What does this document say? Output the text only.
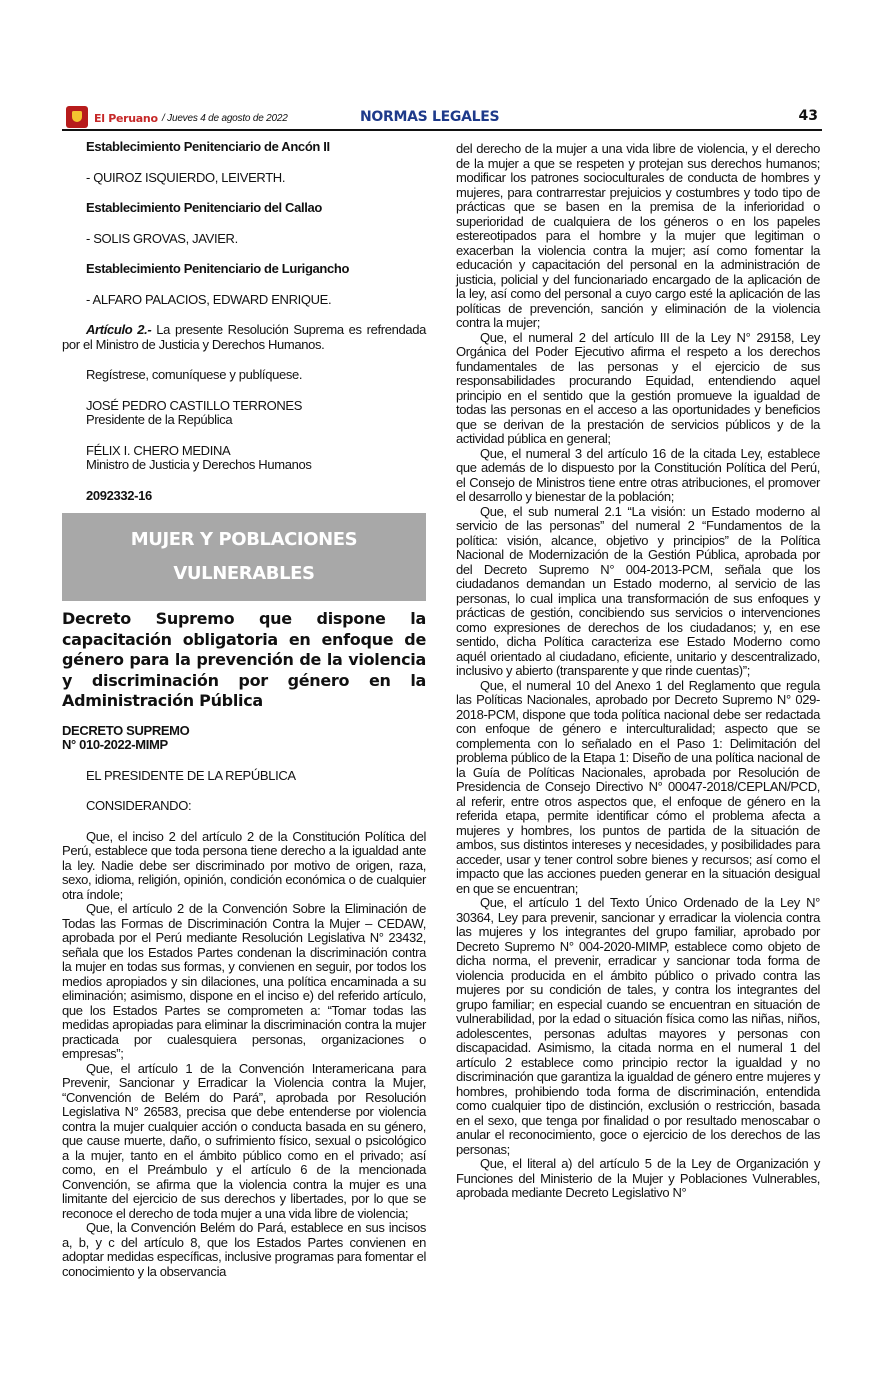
El Peruano / Jueves 4 de agosto de 2022	NORMAS LEGALES	43

Establecimiento Penitenciario de Ancón II

- QUIROZ ISQUIERDO, LEIVERTH.

Establecimiento Penitenciario del Callao

- SOLIS GROVAS, JAVIER.

Establecimiento Penitenciario de Lurigancho

- ALFARO PALACIOS, EDWARD ENRIQUE.

Artículo 2.- La presente Resolución Suprema es refrendada por el Ministro de Justicia y Derechos Humanos.

Regístrese, comuníquese y publíquese.

JOSÉ PEDRO CASTILLO TERRONES

Presidente de la República

FÉLIX I. CHERO MEDINA

Ministro de Justicia y Derechos Humanos

2092332-16

MUJER Y POBLACIONES
VULNERABLES

Decreto Supremo que dispone la capacitación obligatoria en enfoque de género para la prevención de la violencia y discriminación por género en la Administración Pública

DECRETO SUPREMO

N° 010-2022-MIMP

EL PRESIDENTE DE LA REPÚBLICA

CONSIDERANDO:

Que, el inciso 2 del artículo 2 de la Constitución Política del Perú, establece que toda persona tiene derecho a la igualdad ante la ley. Nadie debe ser discriminado por motivo de origen, raza, sexo, idioma, religión, opinión, condición económica o de cualquier otra índole;

Que, el artículo 2 de la Convención Sobre la Eliminación de Todas las Formas de Discriminación Contra la Mujer – CEDAW, aprobada por el Perú mediante Resolución Legislativa N° 23432, señala que los Estados Partes condenan la discriminación contra la mujer en todas sus formas, y convienen en seguir, por todos los medios apropiados y sin dilaciones, una política encaminada a su eliminación; asimismo, dispone en el inciso e) del referido artículo, que los Estados Partes se comprometen a: “Tomar todas las medidas apropiadas para eliminar la discriminación contra la mujer practicada por cualesquiera personas, organizaciones o empresas”;

Que, el artículo 1 de la Convención Interamericana para Prevenir, Sancionar y Erradicar la Violencia contra la Mujer, “Convención de Belém do Pará”, aprobada por Resolución Legislativa N° 26583, precisa que debe entenderse por violencia contra la mujer cualquier acción o conducta basada en su género, que cause muerte, daño, o sufrimiento físico, sexual o psicológico a la mujer, tanto en el ámbito público como en el privado; así como, en el Preámbulo y el artículo 6 de la mencionada Convención, se afirma que la violencia contra la mujer es una limitante del ejercicio de sus derechos y libertades, por lo que se reconoce el derecho de toda mujer a una vida libre de violencia;

Que, la Convención Belém do Pará, establece en sus incisos a, b, y c del artículo 8, que los Estados Partes convienen en adoptar medidas específicas, inclusive programas para fomentar el conocimiento y la observancia

del derecho de la mujer a una vida libre de violencia, y el derecho de la mujer a que se respeten y protejan sus derechos humanos; modificar los patrones socioculturales de conducta de hombres y mujeres, para contrarrestar prejuicios y costumbres y todo tipo de prácticas que se basen en la premisa de la inferioridad o superioridad de cualquiera de los géneros o en los papeles estereotipados para el hombre y la mujer que legitiman o exacerban la violencia contra la mujer; así como fomentar la educación y capacitación del personal en la administración de justicia, policial y del funcionariado encargado de la aplicación de la ley, así como del personal a cuyo cargo esté la aplicación de las políticas de prevención, sanción y eliminación de la violencia contra la mujer;

Que, el numeral 2 del artículo III de la Ley N° 29158, Ley Orgánica del Poder Ejecutivo afirma el respeto a los derechos fundamentales de las personas y el ejercicio de sus responsabilidades procurando Equidad, entendiendo aquel principio en el sentido que la gestión promueve la igualdad de todas las personas en el acceso a las oportunidades y beneficios que se derivan de la prestación de servicios públicos y de la actividad pública en general;

Que, el numeral 3 del artículo 16 de la citada Ley, establece que además de lo dispuesto por la Constitución Política del Perú, el Consejo de Ministros tiene entre otras atribuciones, el promover el desarrollo y bienestar de la población;

Que, el sub numeral 2.1 “La visión: un Estado moderno al servicio de las personas” del numeral 2 “Fundamentos de la política: visión, alcance, objetivo y principios” de la Política Nacional de Modernización de la Gestión Pública, aprobada por del Decreto Supremo N° 004-2013-PCM, señala que los ciudadanos demandan un Estado moderno, al servicio de las personas, lo cual implica una transformación de sus enfoques y prácticas de gestión, concibiendo sus servicios o intervenciones como expresiones de derechos de los ciudadanos; y, en ese sentido, dicha Política caracteriza ese Estado Moderno como aquél orientado al ciudadano, eficiente, unitario y descentralizado, inclusivo y abierto (transparente y que rinde cuentas)”;

Que, el numeral 10 del Anexo 1 del Reglamento que regula las Políticas Nacionales, aprobado por Decreto Supremo N° 029-2018-PCM, dispone que toda política nacional debe ser redactada con enfoque de género e interculturalidad; aspecto que se complementa con lo señalado en el Paso 1: Delimitación del problema público de la Etapa 1: Diseño de una política nacional de la Guía de Políticas Nacionales, aprobada por Resolución de Presidencia de Consejo Directivo N° 00047-2018/CEPLAN/PCD, al referir, entre otros aspectos que, el enfoque de género en la referida etapa, permite identificar cómo el problema afecta a mujeres y hombres, los puntos de partida de la situación de ambos, sus distintos intereses y necesidades, y posibilidades para acceder, usar y tener control sobre bienes y recursos; así como el impacto que las acciones pueden generar en la situación desigual en que se encuentran;

Que, el artículo 1 del Texto Único Ordenado de la Ley N° 30364, Ley para prevenir, sancionar y erradicar la violencia contra las mujeres y los integrantes del grupo familiar, aprobado por Decreto Supremo N° 004-2020-MIMP, establece como objeto de dicha norma, el prevenir, erradicar y sancionar toda forma de violencia producida en el ámbito público o privado contra las mujeres por su condición de tales, y contra los integrantes del grupo familiar; en especial cuando se encuentran en situación de vulnerabilidad, por la edad o situación física como las niñas, niños, adolescentes, personas adultas mayores y personas con discapacidad. Asimismo, la citada norma en el numeral 1 del artículo 2 establece como principio rector la igualdad y no discriminación que garantiza la igualdad de género entre mujeres y hombres, prohibiendo toda forma de discriminación, entendida como cualquier tipo de distinción, exclusión o restricción, basada en el sexo, que tenga por finalidad o por resultado menoscabar o anular el reconocimiento, goce o ejercicio de los derechos de las personas;

Que, el literal a) del artículo 5 de la Ley de Organización y Funciones del Ministerio de la Mujer y Poblaciones Vulnerables, aprobada mediante Decreto Legislativo N°
